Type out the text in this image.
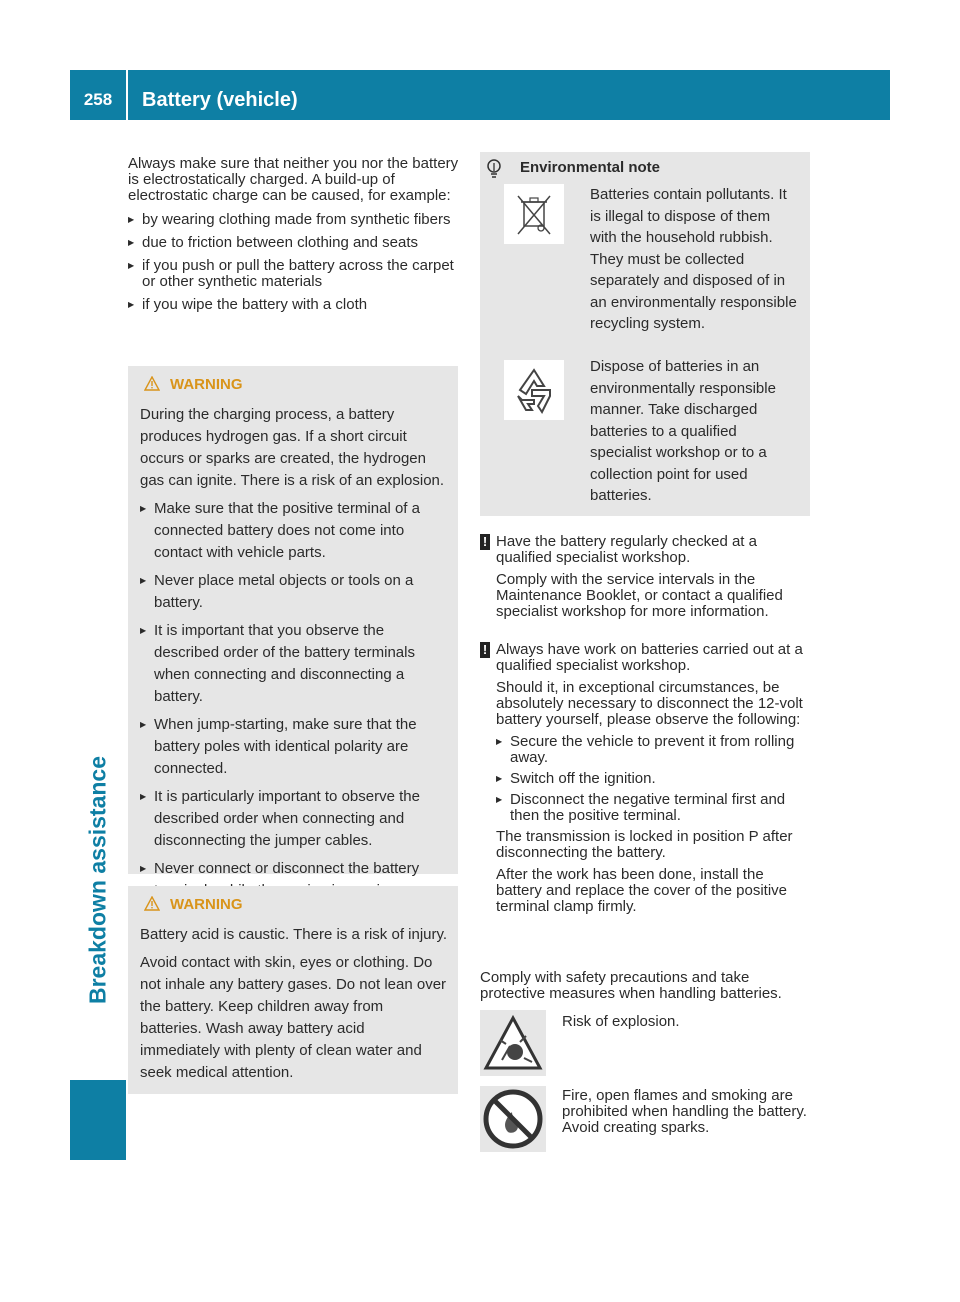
258	Battery (vehicle)
Breakdown assistance

Always make sure that neither you nor the battery is electrostatically charged. A build-up of electrostatic charge can be caused, for example:

▶ by wearing clothing made from synthetic fibers
▶ due to friction between clothing and seats
▶ if you push or pull the battery across the carpet or other synthetic materials
▶ if you wipe the battery with a cloth
WARNING

During the charging process, a battery produces hydrogen gas. If a short circuit occurs or sparks are created, the hydrogen gas can ignite. There is a risk of an explosion.

▶ Make sure that the positive terminal of a connected battery does not come into contact with vehicle parts.
▶ Never place metal objects or tools on a battery.
▶ It is important that you observe the described order of the battery terminals when connecting and disconnecting a battery.
▶ When jump-starting, make sure that the battery poles with identical polarity are connected.
▶ It is particularly important to observe the described order when connecting and disconnecting the jumper cables.
▶ Never connect or disconnect the battery
WARNING

Battery acid is caustic. There is a risk of injury.

Avoid contact with skin, eyes or clothing. Do not inhale any battery gases. Do not lean over the battery. Keep children away from batteries. Wash away battery acid immediately with plenty of clean water and seek medical attention.

Environmental note
Batteries contain pollutants. It is illegal to dispose of them with the household rubbish. They must be collected separately and disposed of in an environmentally responsible recycling system.
Dispose of batteries in an environmentally responsible manner. Take discharged batteries to a qualified specialist workshop or to a collection point for used batteries.
! Have the battery regularly checked at a qualified specialist workshop.

Comply with the service intervals in the Maintenance Booklet, or contact a qualified specialist workshop for more information.

! Always have work on batteries carried out at a qualified specialist workshop.

Should it, in exceptional circumstances, be absolutely necessary to disconnect the 12-volt battery yourself, please observe the following:

▶ Secure the vehicle to prevent it from rolling away.
▶ Switch off the ignition.
▶ Disconnect the negative terminal first and then the positive terminal.

The transmission is locked in position P after disconnecting the battery.

After the work has been done, install the battery and replace the cover of the positive terminal clamp firmly.

Comply with safety precautions and take protective measures when handling batteries.

Risk of explosion.
Fire, open flames and smoking are prohibited when handling the battery. Avoid creating sparks.
